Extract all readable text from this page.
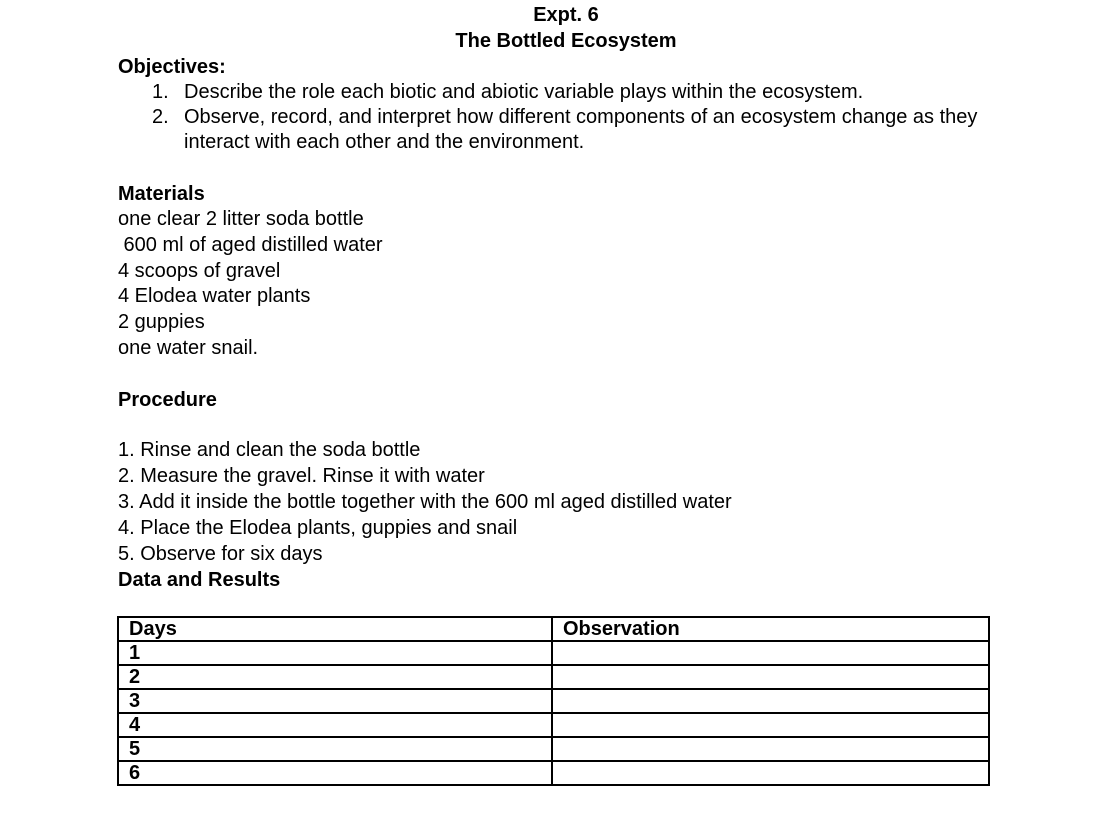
Expt. 6
The Bottled Ecosystem
Objectives:
1. Describe the role each biotic and abiotic variable plays within the ecosystem.
2. Observe, record, and interpret how different components of an ecosystem change as they interact with each other and the environment.
Materials
one clear 2 litter soda bottle
600 ml of aged distilled water
4 scoops of gravel
4 Elodea water plants
2 guppies
one water snail.
Procedure
1. Rinse and clean the soda bottle
2. Measure the gravel. Rinse it with water
3. Add it inside the bottle together with the 600 ml aged distilled water
4. Place the Elodea plants, guppies and snail
5. Observe for six days
Data and Results
Days	Observation
1	
2	
3	
4	
5	
6	
